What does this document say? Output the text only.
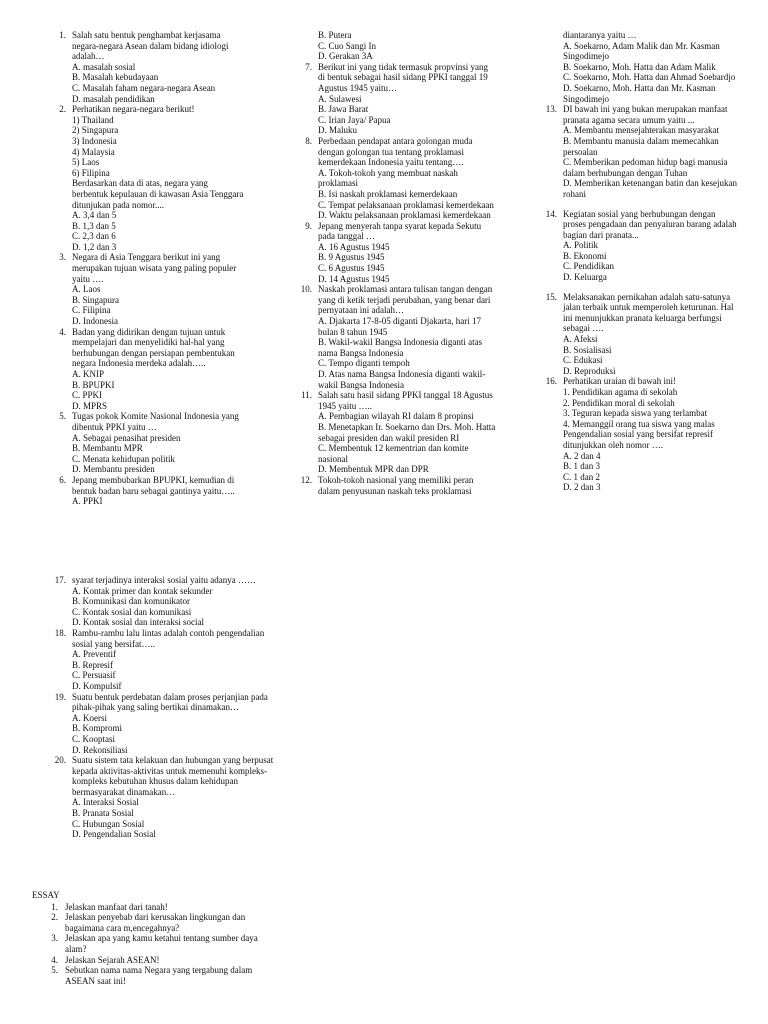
1. Salah satu bentuk penghambat kerjasama negara-negara Asean dalam bidang idiologi adalah…
A. masalah sosial
B. Masalah kebudayaan
C. Masalah faham negara-negara Asean
D. masalah pendidikan
2. Perhatikan negara-negara berikut!
1) Thailand
2) Singapura
3) Indonesia
4) Malaysia
5) Laos
6) Filipina
Berdasarkan data di atas, negara yang berbentuk kepulauan di kawasan Asia Tenggara ditunjukan pada nomor....
A. 3,4 dan 5
B. 1,3 dan 5
C. 2,3 dan 6
D. 1,2 dan 3
3. Negara di Asia Tenggara berikut ini yang merupakan tujuan wisata yang paling populer yaitu ….
A. Laos
B. Singapura
C. Filipina
D. Indonesia
4. Badan yang didirikan dengan tujuan untuk mempelajari dan menyelidiki hal-hal yang berhubungan dengan persiapan pembentukan negara Indonesia merdeka adalah…..
A. KNIP
B. BPUPKI
C. PPKI
D. MPRS
5. Tugas pokok Komite Nasional Indonesia yang dibentuk PPKI yaitu …
A. Sebagai penasihat presiden
B. Membantu MPR
C. Menata kehidupan politik
D. Membantu presiden
6. Jepang membubarkan BPUPKI, kemudian di bentuk badan baru sebagai gantinya yaitu…..
A. PPKI
B. Putera
C. Cuo Sangi In
D. Gerakan 3A
7. Berikut ini yang tidak termasuk propvinsi yang di bentuk sebagai hasil sidang PPKI tanggal 19 Agustus 1945 yaitu…
A. Sulawesi
B. Jawa Barat
C. Irian Jaya/ Papua
D. Maluku
8. Perbedaan pendapat antara golongan muda dengan golongan tua tentang proklamasi kemerdekaan Indonesia yaitu tentang….
A. Tokoh-tokoh yang membuat naskah proklamasi
B. Isi naskah proklamasi kemerdekaan
C. Tempat pelaksanaan proklamasi kemerdekaan
D. Waktu pelaksanaan proklamasi kemerdekaan
9. Jepang menyerah tanpa syarat kepada Sekutu pada tanggal …
A. 16 Agustus 1945
B. 9 Agustus 1945
C. 6 Agustus 1945
D. 14 Agustus 1945
10. Naskah proklamasi antara tulisan tangan dengan yang di ketik terjadi perubahan, yang benar dari pernyataan ini adalah…
A. Djakarta 17-8-05 diganti Djakarta, hari 17 bulan 8 tahun 1945
B. Wakil-wakil Bangsa Indonesia diganti atas nama Bangsa Indonesia
C. Tempo diganti tempoh
D. Atas nama Bangsa Indonesia diganti wakil-wakil Bangsa Indonesia
11. Salah satu hasil sidang PPKI tanggal 18 Agustus 1945 yaitu …..
A. Pembagian wilayah RI dalam 8 propinsi
B. Menetapkan Ir. Soekarno dan Drs. Moh. Hatta sebagai presiden dan wakil presiden RI
C. Membentuk 12 kementrian dan komite nasional
D. Membentuk MPR dan DPR
12. Tokoh-tokoh nasional yang memiliki peran dalam penyusunan naskah teks proklamasi
diantaranya yaitu …
A. Soekarno, Adam Malik dan Mr. Kasman Singodimejo
B. Soekarno, Moh. Hatta dan Adam Malik
C. Soekarno, Moh. Hatta dan Ahmad Soebardjo
D. Soekarno, Moh. Hatta dan Mr. Kasman Singodimejo
13. DI bawah ini yang bukan merupakan manfaat pranata agama secara umum yaitu ...
A. Membantu mensejahterakan masyarakat
B. Membantu manusia dalam memecahkan persoalan
C. Memberikan pedoman hidup bagi manusia dalam berhubungan dengan Tuhan
D. Memberikan ketenangan batin dan kesejukan rohani
14. Kegiatan sosial yang berhubungan dengan proses pengadaan dan penyaluran barang adalah bagian dari pranata...
A. Politik
B. Ekonomi
C. Pendidikan
D. Keluarga
15. Melaksanakan pernikahan adalah satu-satunya jalan terbaik untuk memperoleh keturunan. Hal ini menunjukkan pranata keluarga berfungsi sebagai ….
A. Afeksi
B. Sosialisasi
C. Edukasi
D. Reproduksi
16. Perhatikan uraian di bawah ini!
1. Pendidikan agama di sekolah
2. Pendidikan moral di sekolah
3. Teguran kepada siswa yang terlambat
4. Memanggil orang tua siswa yang malas
Pengendalian sosial yang bersifat represif ditunjukkan oleh nomor ….
A. 2 dan 4
B. 1 dan 3
C. 1 dan 2
D. 2 dan 3
17. syarat terjadinya interaksi sosial yaitu adanya ……
A. Kontak primer dan kontak sekunder
B. Komunikasi dan komunikator
C. Kontak sosial dan komunikasi
D. Kontak sosial dan interaksi social
18. Rambu-rambu lalu lintas adalah contoh pengendalian sosial yang bersifat…..
A. Preventif
B. Represif
C. Persuasif
D. Kompulsif
19. Suatu bentuk perdebatan dalam proses perjanjian pada pihak-pihak yang saling bertikai dinamakan…
A. Koersi
B. Kompromi
C. Kooptasi
D. Rekonsiliasi
20. Suatu sistem tata kelakuan dan hubungan yang berpusat kepada aktivitas-aktivitas untuk memenuhi kompleks-kompleks kebutuhan khusus dalam kehidupan bermasyarakat dinamakan…
A. Interaksi Sosial
B. Pranata Sosial
C. Hubungan Sosial
D. Pengendalian Sosial
ESSAY
1. Jelaskan manfaat dari tanah!
2. Jelaskan penyebab dari kerusakan lingkungan dan bagaimana cara m,encegahnya?
3. Jelaskan apa yang kamu ketahui tentang sumber daya alam?
4. Jelaskan Sejarah ASEAN!
5. Sebutkan nama nama Negara yang tergabung dalam ASEAN saat ini!
